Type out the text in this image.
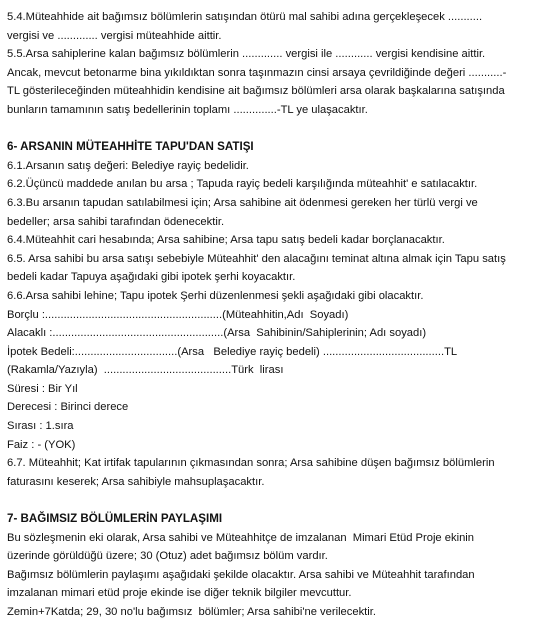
5.4.Müteahhide ait bağımsız bölümlerin satışından ötürü mal sahibi adına gerçekleşecek ...........

vergisi ve ............. vergisi müteahhide aittir.

5.5.Arsa sahiplerine kalan bağımsız bölümlerin ............. vergisi ile ............ vergisi kendisine aittir.

Ancak, mevcut betonarme bina yıkıldıktan sonra taşınmazın cinsi arsaya çevrildiğinde değeri ...........-

TL gösterileceğinden müteahhidin kendisine ait bağımsız bölümleri arsa olarak başkalarına satışında

bunların tamamının satış bedellerinin toplamı ..............-TL ye ulaşacaktır.

6- ARSANIN MÜTEAHHİTE TAPU'DAN SATIŞI

6.1.Arsanın satış değeri: Belediye rayiç bedelidir.

6.2.Üçüncü maddede anılan bu arsa ; Tapuda rayiç bedeli karşılığında müteahhit' e satılacaktır.

6.3.Bu arsanın tapudan satılabilmesi için; Arsa sahibine ait ödenmesi gereken her türlü vergi ve

bedeller; arsa sahibi tarafından ödenecektir.

6.4.Müteahhit cari hesabında; Arsa sahibine; Arsa tapu satış bedeli kadar borçlanacaktır.

6.5. Arsa sahibi bu arsa satışı sebebiyle Müteahhit' den alacağını teminat altına almak için Tapu satış

bedeli kadar Tapuya aşağıdaki gibi ipotek şerhi koyacaktır.

6.6.Arsa sahibi lehine; Tapu ipotek Şerhi düzenlenmesi şekli aşağıdaki gibi olacaktır.

Borçlu :.........................................................(Müteahhitin,Adı  Soyadı)

Alacaklı :.......................................................(Arsa  Sahibinin/Sahiplerinin; Adı soyadı)

İpotek Bedeli:.................................(Arsa   Belediye rayiç bedeli) .......................................TL

(Rakamla/Yazıyla)  .........................................Türk  lirası

Süresi : Bir Yıl

Derecesi : Birinci derece

Sırası : 1.sıra

Faiz : - (YOK)

6.7. Müteahhit; Kat irtifak tapularının çıkmasından sonra; Arsa sahibine düşen bağımsız bölümlerin

faturasını keserek; Arsa sahibiyle mahsuplaşacaktır.

7- BAĞIMSIZ BÖLÜMLERİN PAYLAŞIMI

Bu sözleşmenin eki olarak, Arsa sahibi ve Müteahhitçe de imzalanan  Mimari Etüd Proje ekinin

üzerinde görüldüğü üzere; 30 (Otuz) adet bağımsız bölüm vardır.

Bağımsız bölümlerin paylaşımı aşağıdaki şekilde olacaktır. Arsa sahibi ve Müteahhit tarafından

imzalanan mimari etüd proje ekinde ise diğer teknik bilgiler mevcuttur.

Zemin+7Katda; 29, 30 no'lu bağımsız  bölümler; Arsa sahibi'ne verilecektir.
